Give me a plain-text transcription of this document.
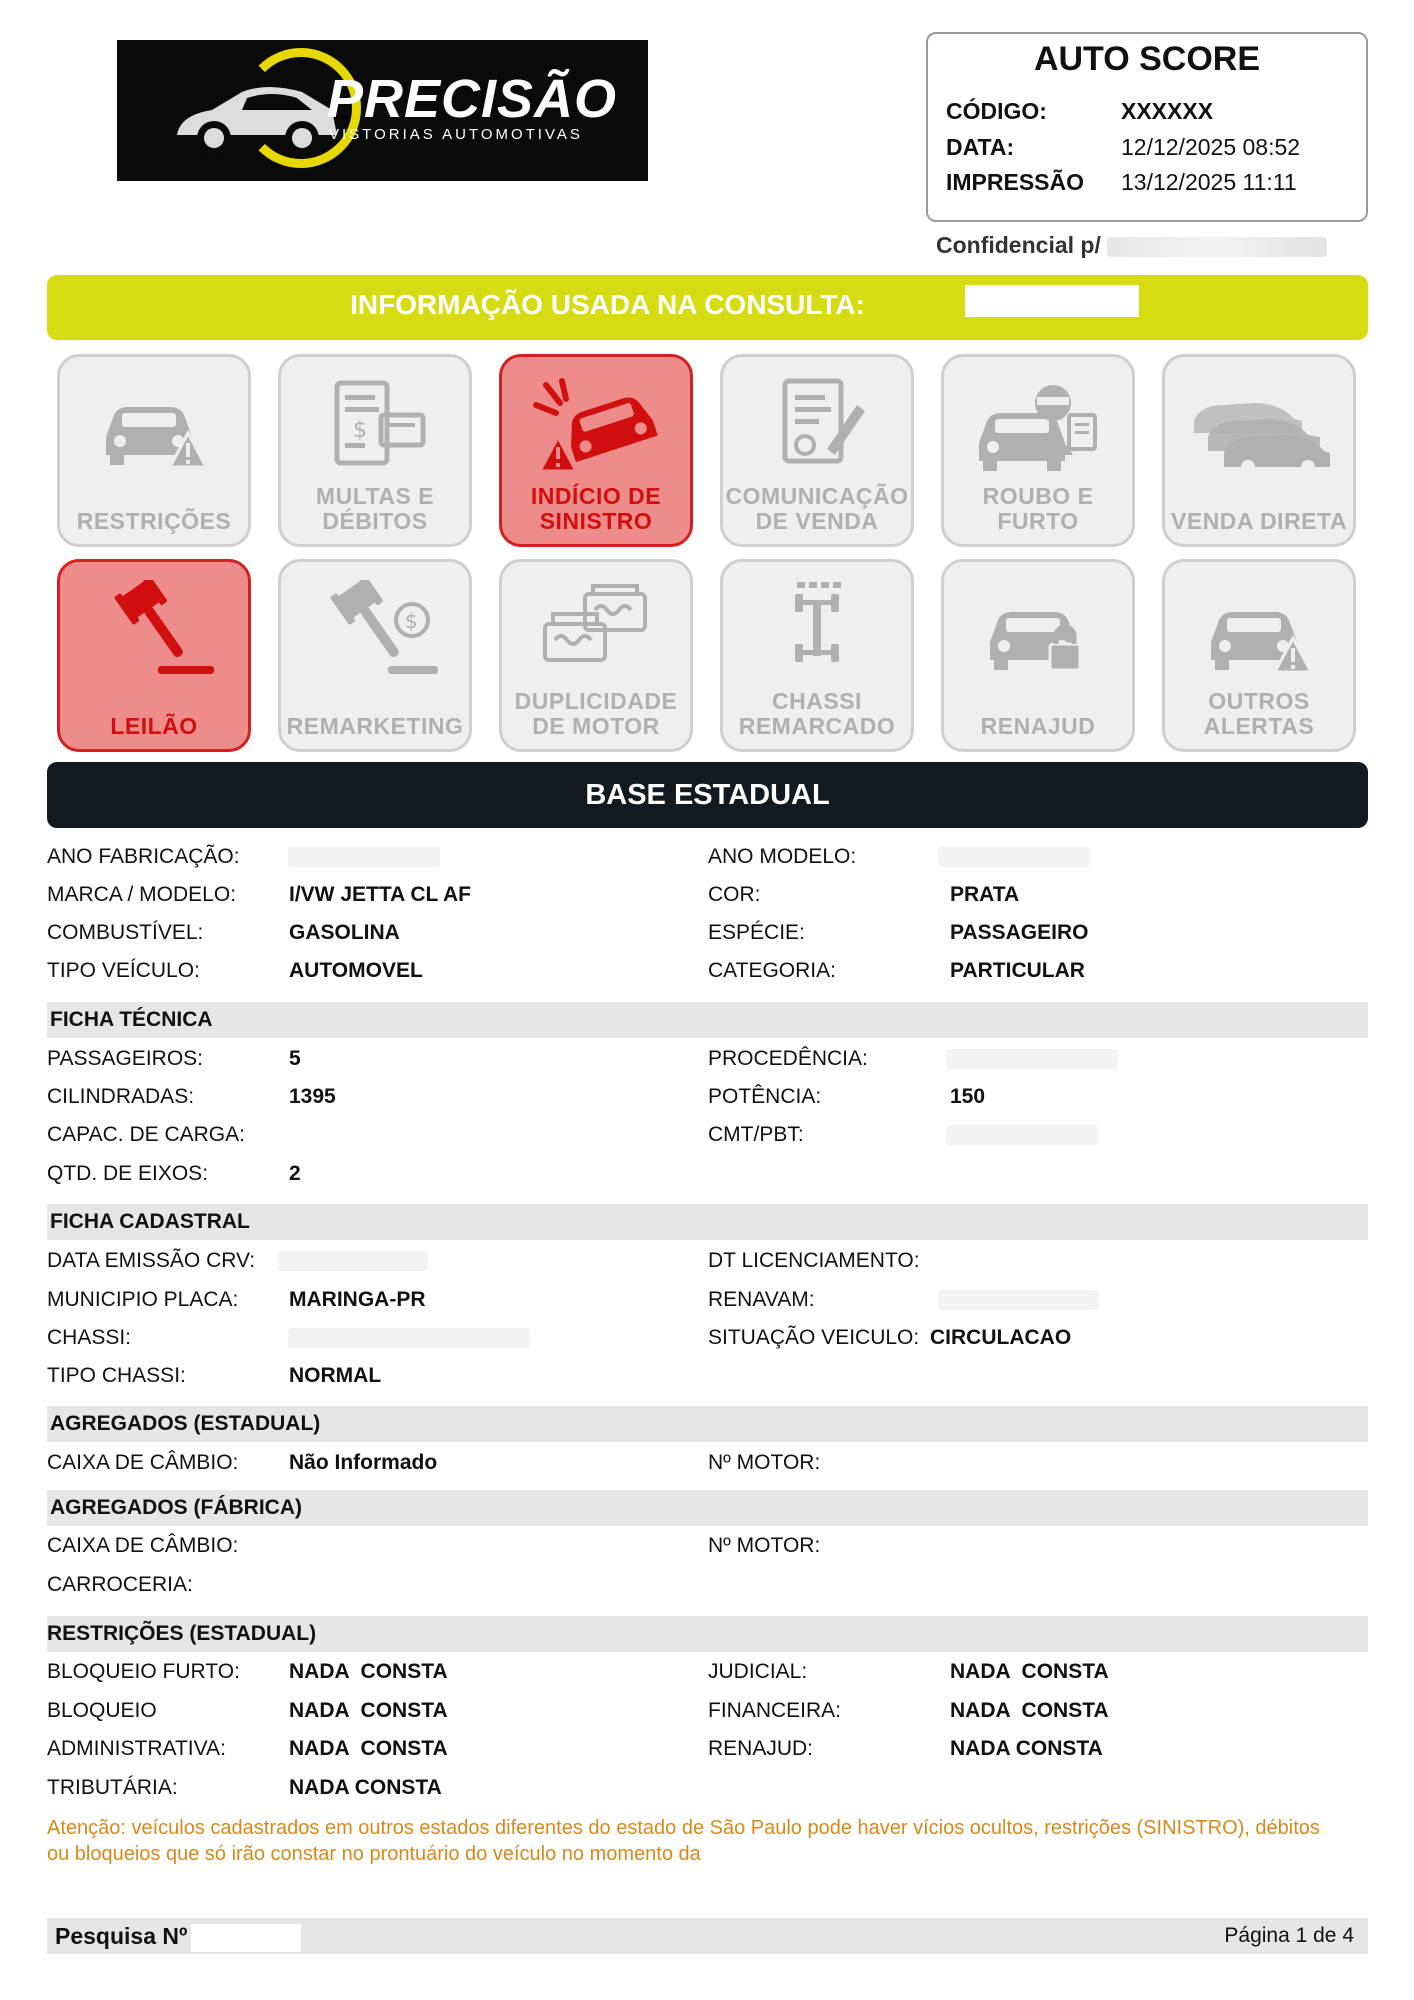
PRECISÃO
VISTORIAS AUTOMOTIVAS
AUTO SCORE
CÓDIGO:	XXXXXX
DATA:	12/12/2025 08:52
IMPRESSÃO 13/12/2025 11:11
Confidencial p/
INFORMAÇÃO USADA NA CONSULTA:
RESTRIÇÕES
$
MULTAS E
DÉBITOS
INDÍCIO DE
SINISTRO
COMUNICAÇÃO
DE VENDA
ROUBO E
FURTO	VENDA DIRETA
LEILÃO
$
REMARKETING
DUPLICIDADE
DE MOTOR
CHASSI
REMARCADO	RENAJUD
OUTROS
ALERTAS
BASE ESTADUAL
ANO FABRICAÇÃO:	ANO MODELO:
MARCA / MODELO:	I/VW JETTA CL AF	COR:	PRATA
COMBUSTÍVEL:	GASOLINA	ESPÉCIE:	PASSAGEIRO
TIPO VEÍCULO:	AUTOMOVEL	CATEGORIA:	PARTICULAR
FICHA TÉCNICA
PASSAGEIROS:	5	PROCEDÊNCIA:
CILINDRADAS:	1395	POTÊNCIA:	150
CAPAC. DE CARGA:	CMT/PBT:
QTD. DE EIXOS:	2
FICHA CADASTRAL
DATA EMISSÃO CRV:	DT LICENCIAMENTO:
MUNICIPIO PLACA: MARINGA-PR	RENAVAM:
CHASSI:	SITUAÇÃO VEICULO: CIRCULACAO
TIPO CHASSI:	NORMAL
AGREGADOS (ESTADUAL)
CAIXA DE CÂMBIO: Não Informado	Nº MOTOR:
AGREGADOS (FÁBRICA)
CAIXA DE CÂMBIO:	Nº MOTOR:
CARROCERIA:
RESTRIÇÕES (ESTADUAL)
BLOQUEIO FURTO: NADA  CONSTA	JUDICIAL:	NADA  CONSTA
BLOQUEIO	NADA  CONSTA	FINANCEIRA:	NADA  CONSTA
ADMINISTRATIVA:	NADA  CONSTA	RENAJUD:	NADA CONSTA
TRIBUTÁRIA:	NADA CONSTA
Atenção: veículos cadastrados em outros estados diferentes do estado de São Paulo pode haver vícios ocultos, restrições (SINISTRO), débitos ou bloqueios que só irão constar no prontuário do veículo no momento da
Pesquisa Nº	Página 1 de 4
